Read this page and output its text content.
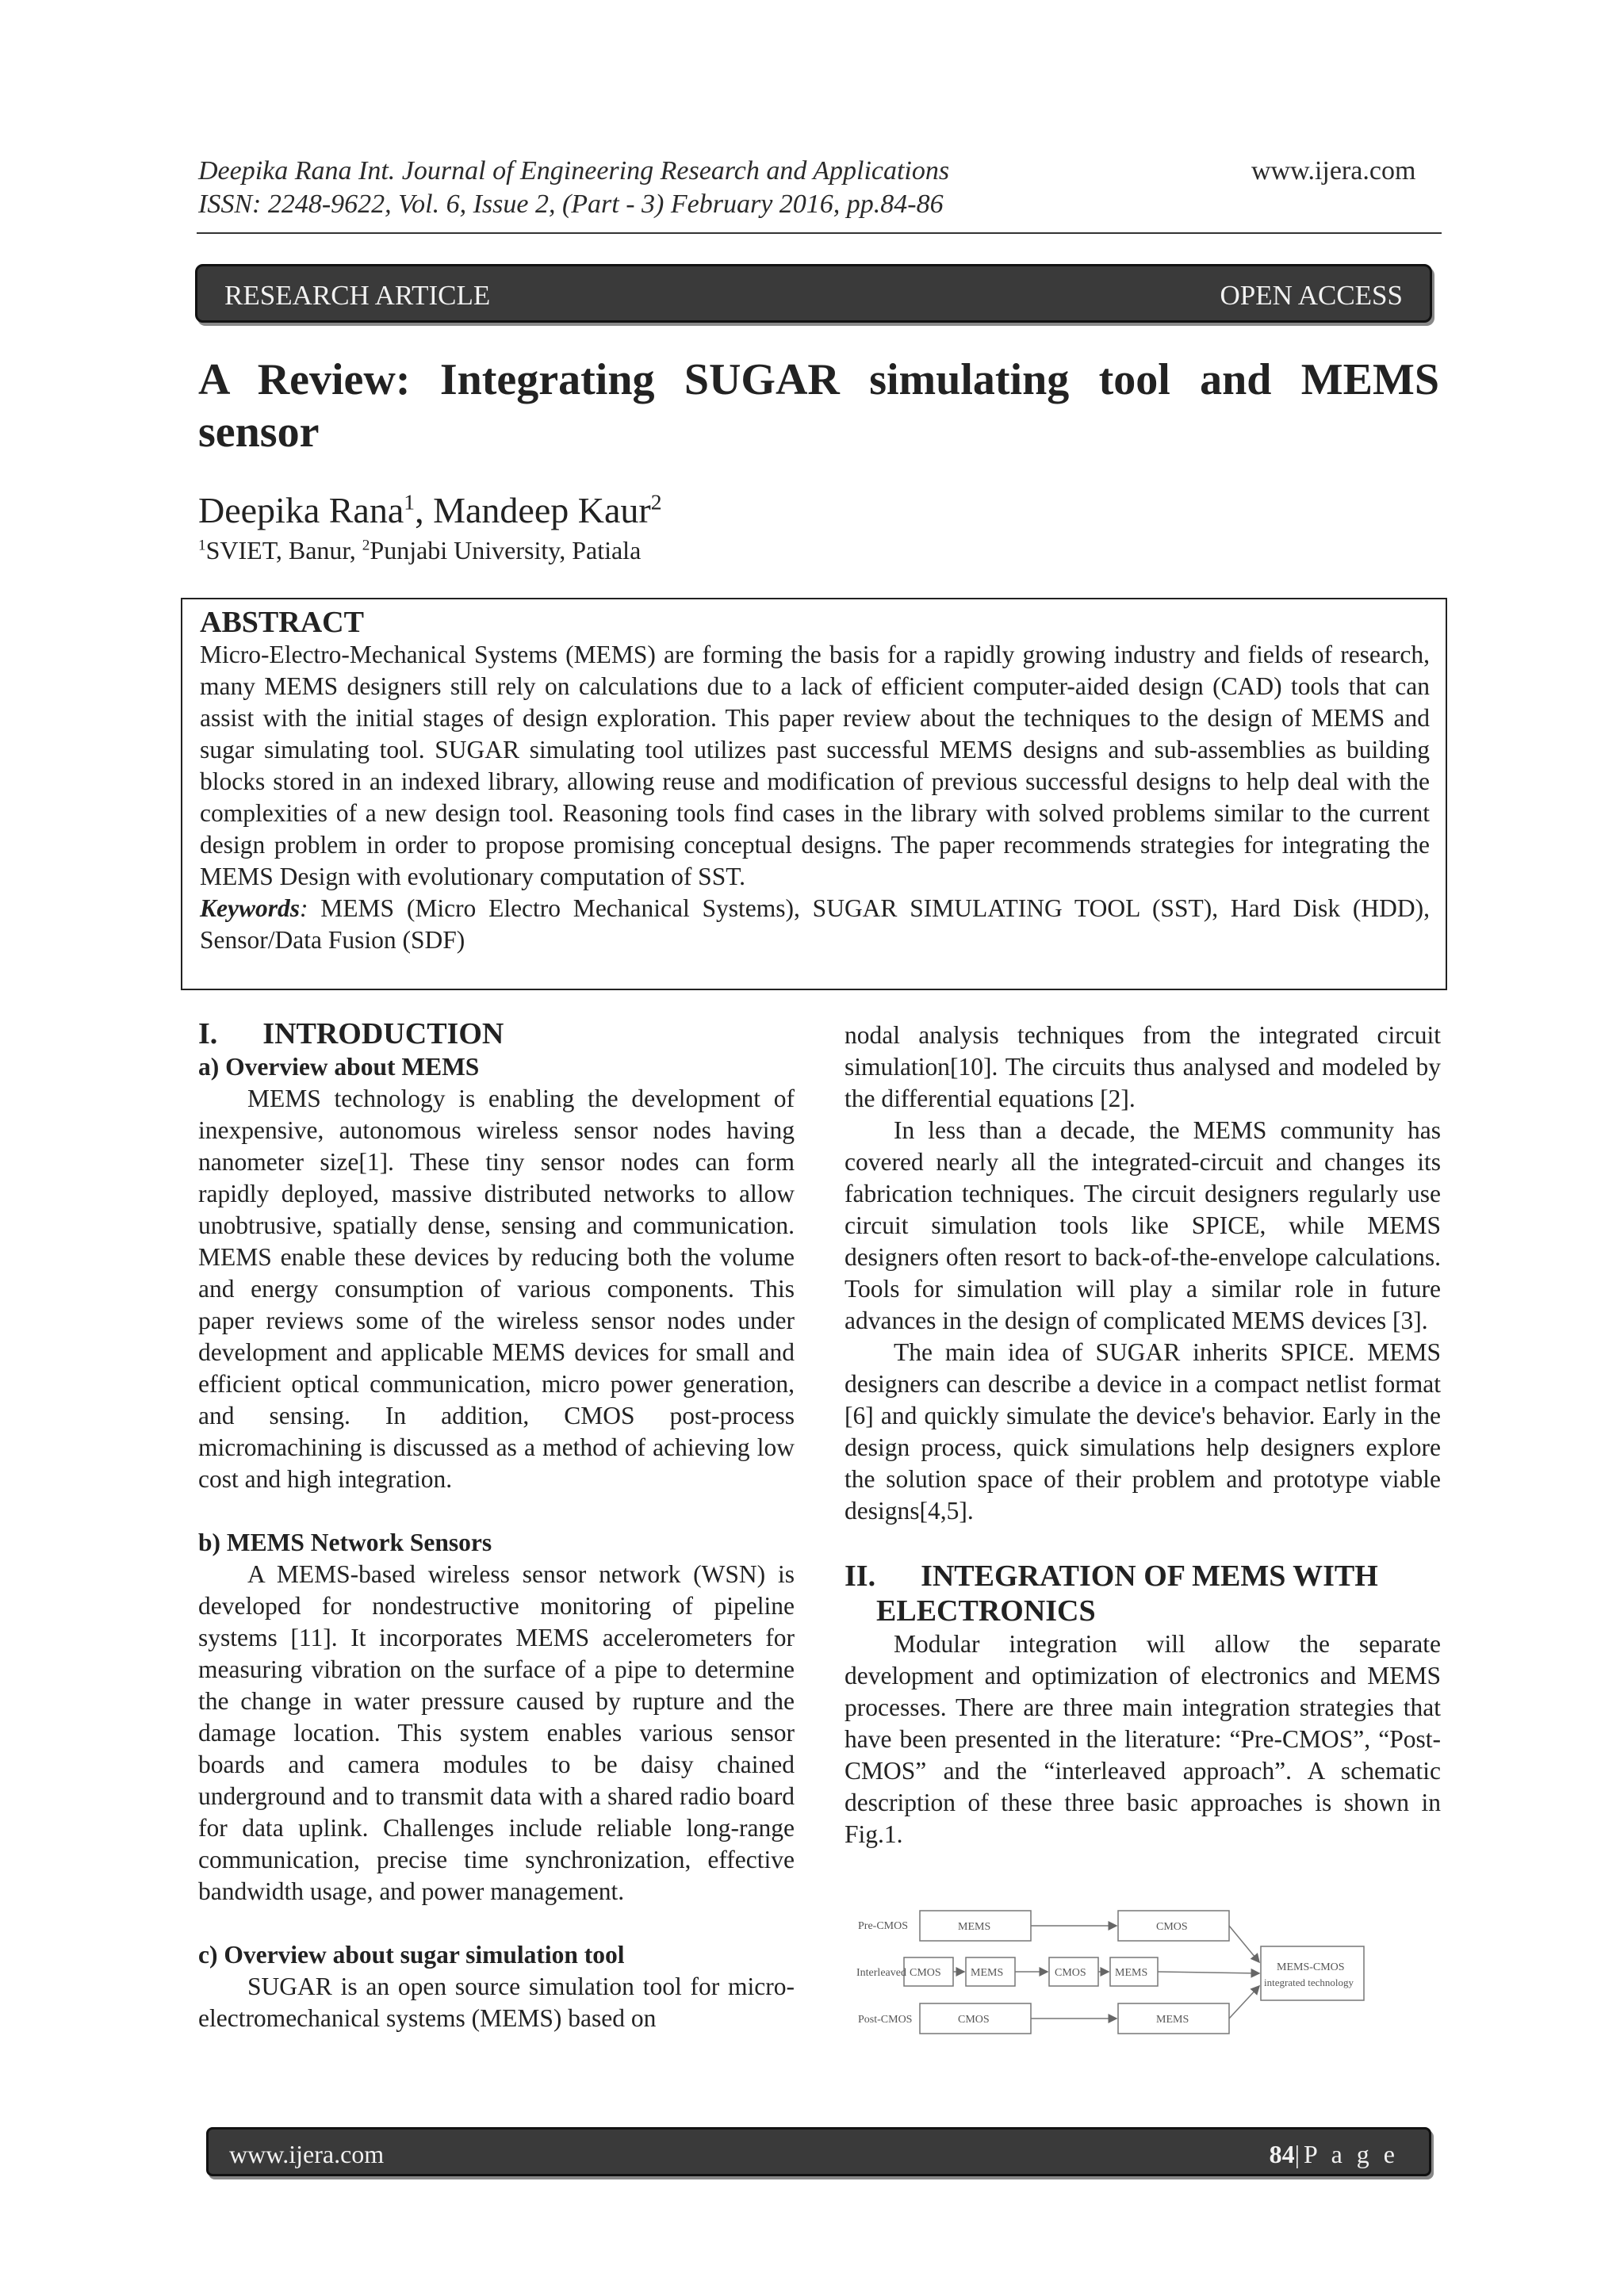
Deepika Rana Int. Journal of Engineering Research and Applications
ISSN: 2248-9622, Vol. 6, Issue 2, (Part - 3) February 2016, pp.84-86
www.ijera.com
RESEARCH ARTICLE	OPEN ACCESS
A Review: Integrating SUGAR simulating tool and MEMS sensor
Deepika Rana$^1$, Mandeep Kaur$^2$
$^1$SVIET, Banur, $^2$Punjabi University, Patiala
ABSTRACT

Micro-Electro-Mechanical Systems (MEMS) are forming the basis for a rapidly growing industry and fields of research, many MEMS designers still rely on calculations due to a lack of efficient computer-aided design (CAD) tools that can assist with the initial stages of design exploration. This paper review about the techniques to the design of MEMS and sugar simulating tool. SUGAR simulating tool utilizes past successful MEMS designs and sub-assemblies as building blocks stored in an indexed library, allowing reuse and modification of previous successful designs to help deal with the complexities of a new design tool. Reasoning tools find cases in the library with solved problems similar to the current design problem in order to propose promising conceptual designs. The paper recommends strategies for integrating the MEMS Design with evolutionary computation of SST.

Keywords: MEMS (Micro Electro Mechanical Systems), SUGAR SIMULATING TOOL (SST), Hard Disk (HDD), Sensor/Data Fusion (SDF)

I.      INTRODUCTION

a) Overview about MEMS

MEMS technology is enabling the development of inexpensive, autonomous wireless sensor nodes having nanometer size[1]. These tiny sensor nodes can form rapidly deployed, massive distributed networks to allow unobtrusive, spatially dense, sensing and communication. MEMS enable these devices by reducing both the volume and energy consumption of various components. This paper reviews some of the wireless sensor nodes under development and applicable MEMS devices for small and efficient optical communication, micro power generation, and sensing. In addition, CMOS post-process micromachining is discussed as a method of achieving low cost and high integration.

b) MEMS Network Sensors

A MEMS-based wireless sensor network (WSN) is developed for nondestructive monitoring of pipeline systems [11]. It incorporates MEMS accelerometers for measuring vibration on the surface of a pipe to determine the change in water pressure caused by rupture and the damage location. This system enables various sensor boards and camera modules to be daisy chained underground and to transmit data with a shared radio board for data uplink. Challenges include reliable long-range communication, precise time synchronization, effective bandwidth usage, and power management.

c) Overview about sugar simulation tool

SUGAR is an open source simulation tool for micro-electromechanical systems (MEMS) based on

nodal analysis techniques from the integrated circuit simulation[10]. The circuits thus analysed and modeled by the differential equations [2].

In less than a decade, the MEMS community has covered nearly all the integrated-circuit and changes its fabrication techniques. The circuit designers regularly use circuit simulation tools like SPICE, while MEMS designers often resort to back-of-the-envelope calculations. Tools for simulation will play a similar role in future advances in the design of complicated MEMS devices [3].

The main idea of SUGAR inherits SPICE. MEMS designers can describe a device in a compact netlist format [6] and quickly simulate the device's behavior. Early in the design process, quick simulations help designers explore the solution space of their problem and prototype viable designs[4,5].

II.      INTEGRATION OF MEMS WITH

ELECTRONICS

Modular integration will allow the separate development and optimization of electronics and MEMS processes. There are three main integration strategies that have been presented in the literature: “Pre-CMOS”, “Post-CMOS” and the “interleaved approach”. A schematic description of these three basic approaches is shown in Fig.1.

Pre-CMOS
Interleaved
Post-CMOS
MEMS	CMOS
CMOS	MEMS	CMOS	MEMS
CMOS	MEMS
MEMS-CMOS
integrated technology
www.ijera.com	84|P a g e
